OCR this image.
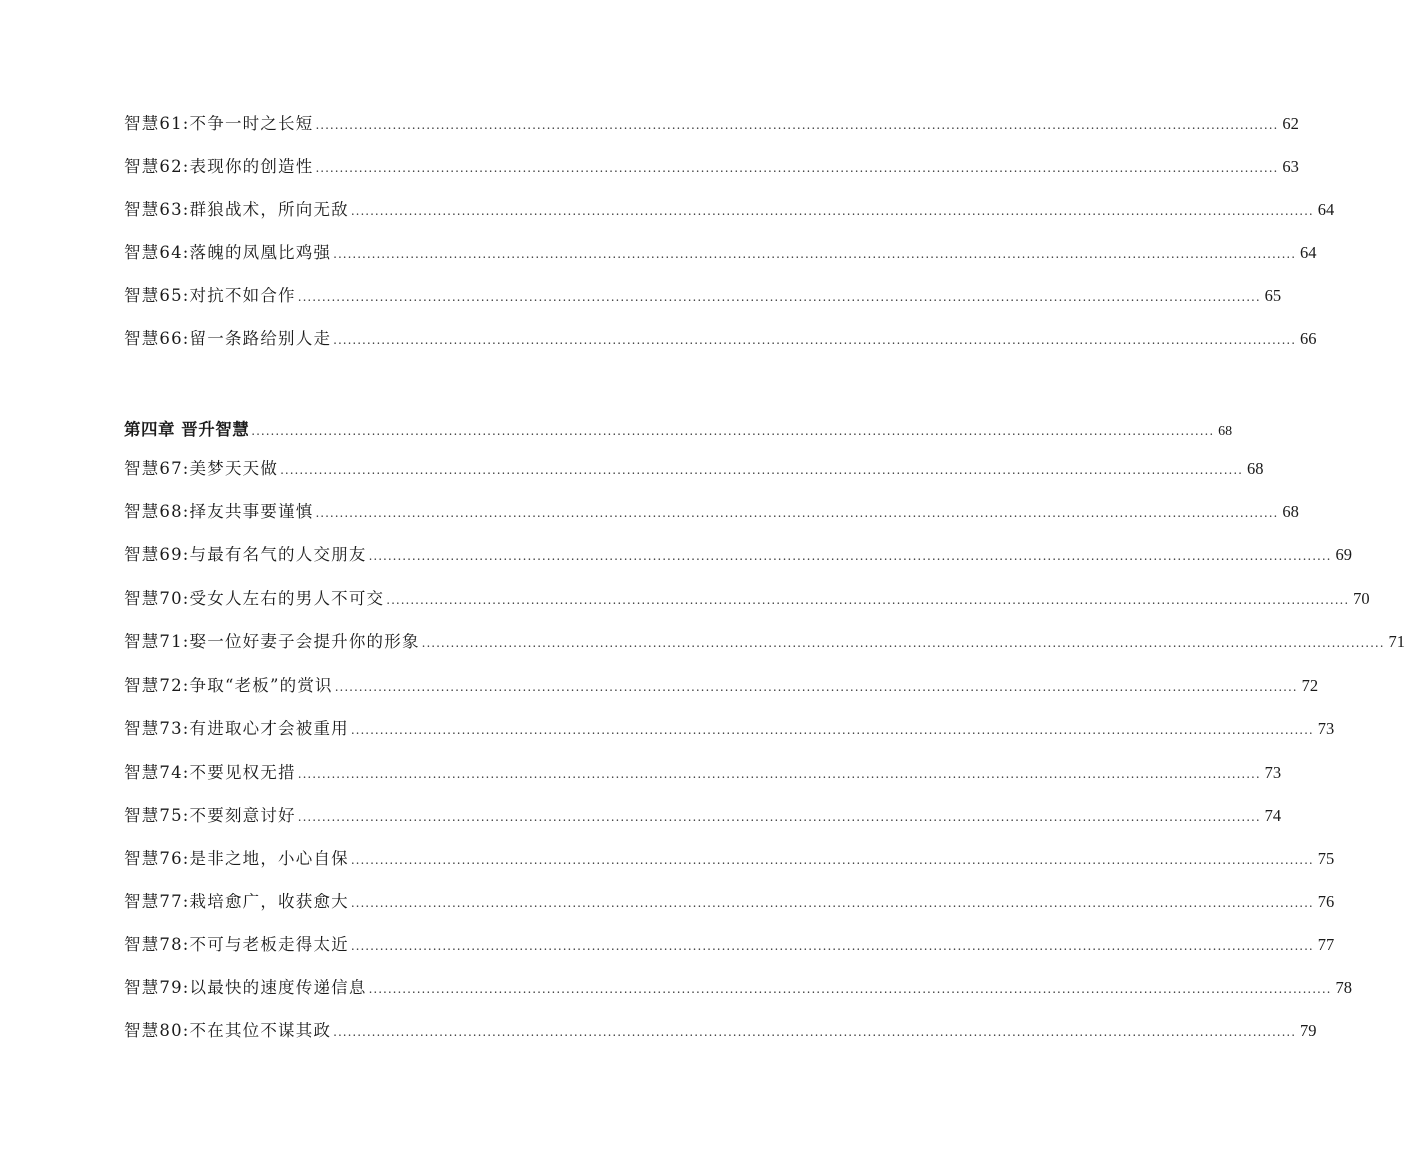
智慧61:不争一时之长短 ........................................................................................................................................................................................................ 62
智慧62:表现你的创造性 ........................................................................................................................................................................................................ 63
智慧63:群狼战术，所向无敌 ........................................................................................................................................................................................................ 64
智慧64:落魄的凤凰比鸡强 ........................................................................................................................................................................................................ 64
智慧65:对抗不如合作 ........................................................................................................................................................................................................ 65
智慧66:留一条路给别人走 ........................................................................................................................................................................................................ 66
第四章 晋升智慧 ........................................................................................................................................................................................................ 68
智慧67:美梦天天做 ........................................................................................................................................................................................................ 68
智慧68:择友共事要谨慎 ........................................................................................................................................................................................................ 68
智慧69:与最有名气的人交朋友 ........................................................................................................................................................................................................ 69
智慧70:受女人左右的男人不可交 ........................................................................................................................................................................................................ 70
智慧71:娶一位好妻子会提升你的形象 ........................................................................................................................................................................................................ 71
智慧72:争取“老板”的赏识 ........................................................................................................................................................................................................ 72
智慧73:有进取心才会被重用 ........................................................................................................................................................................................................ 73
智慧74:不要见权无措 ........................................................................................................................................................................................................ 73
智慧75:不要刻意讨好 ........................................................................................................................................................................................................ 74
智慧76:是非之地，小心自保 ........................................................................................................................................................................................................ 75
智慧77:栽培愈广，收获愈大 ........................................................................................................................................................................................................ 76
智慧78:不可与老板走得太近 ........................................................................................................................................................................................................ 77
智慧79:以最快的速度传递信息 ........................................................................................................................................................................................................ 78
智慧80:不在其位不谋其政 ........................................................................................................................................................................................................ 79
